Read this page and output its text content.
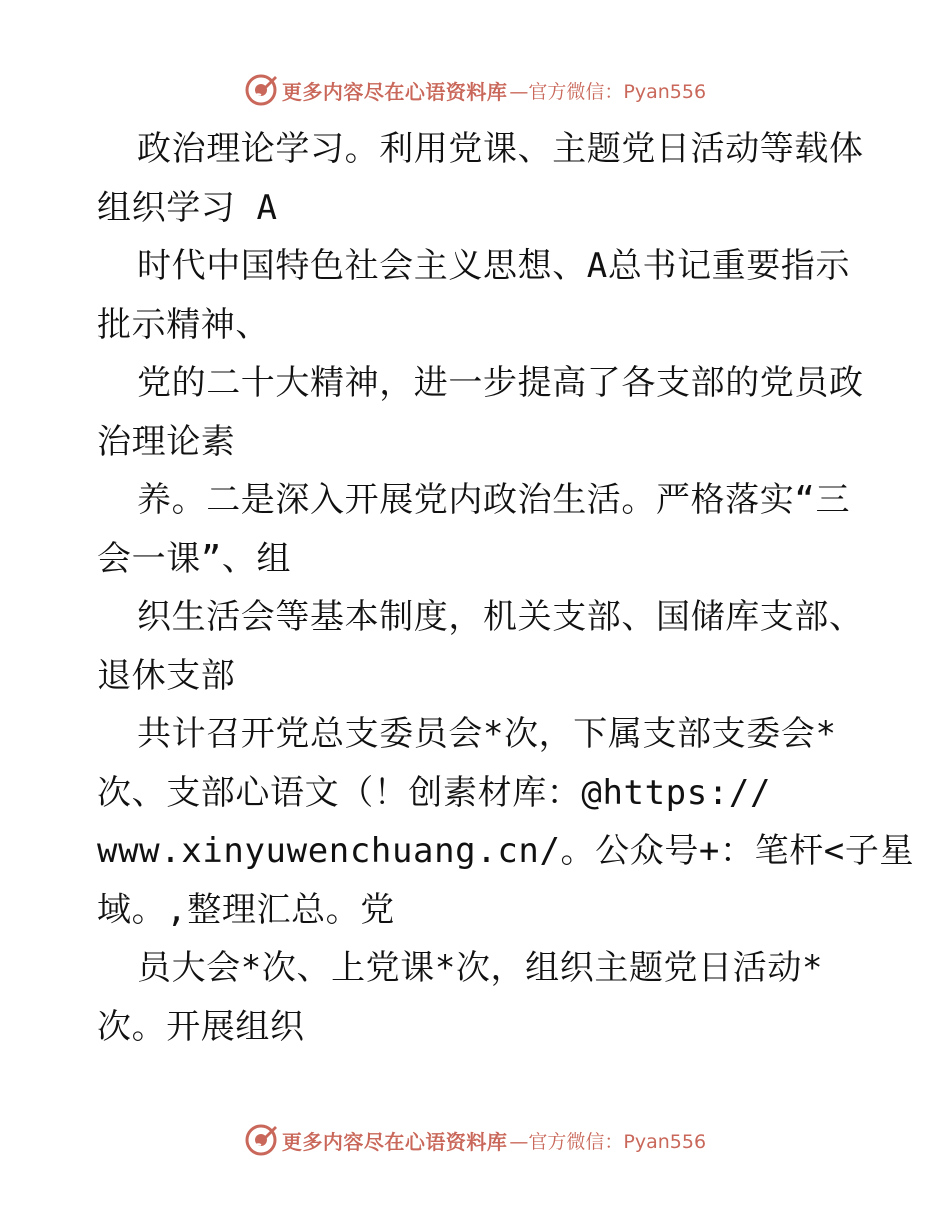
更多内容尽在心语资料库 —官方微信：Pyan556
政治理论学习。利用党课、主题党日活动等载体
组织学习 A
时代中国特色社会主义思想、A总书记重要指示
批示精神、
党的二十大精神，进一步提高了各支部的党员政
治理论素
养。二是深入开展党内政治生活。严格落实“三
会一课”、组
织生活会等基本制度，机关支部、国储库支部、
退休支部
共计召开党总支委员会*次，下属支部支委会*
次、支部心语文（！创素材库：@https://
www.xinyuwenchuang.cn/。公众号+：笔杆<子星
域。,整理汇总。党
员大会*次、上党课*次，组织主题党日活动*
次。开展组织
更多内容尽在心语资料库 —官方微信：Pyan556
